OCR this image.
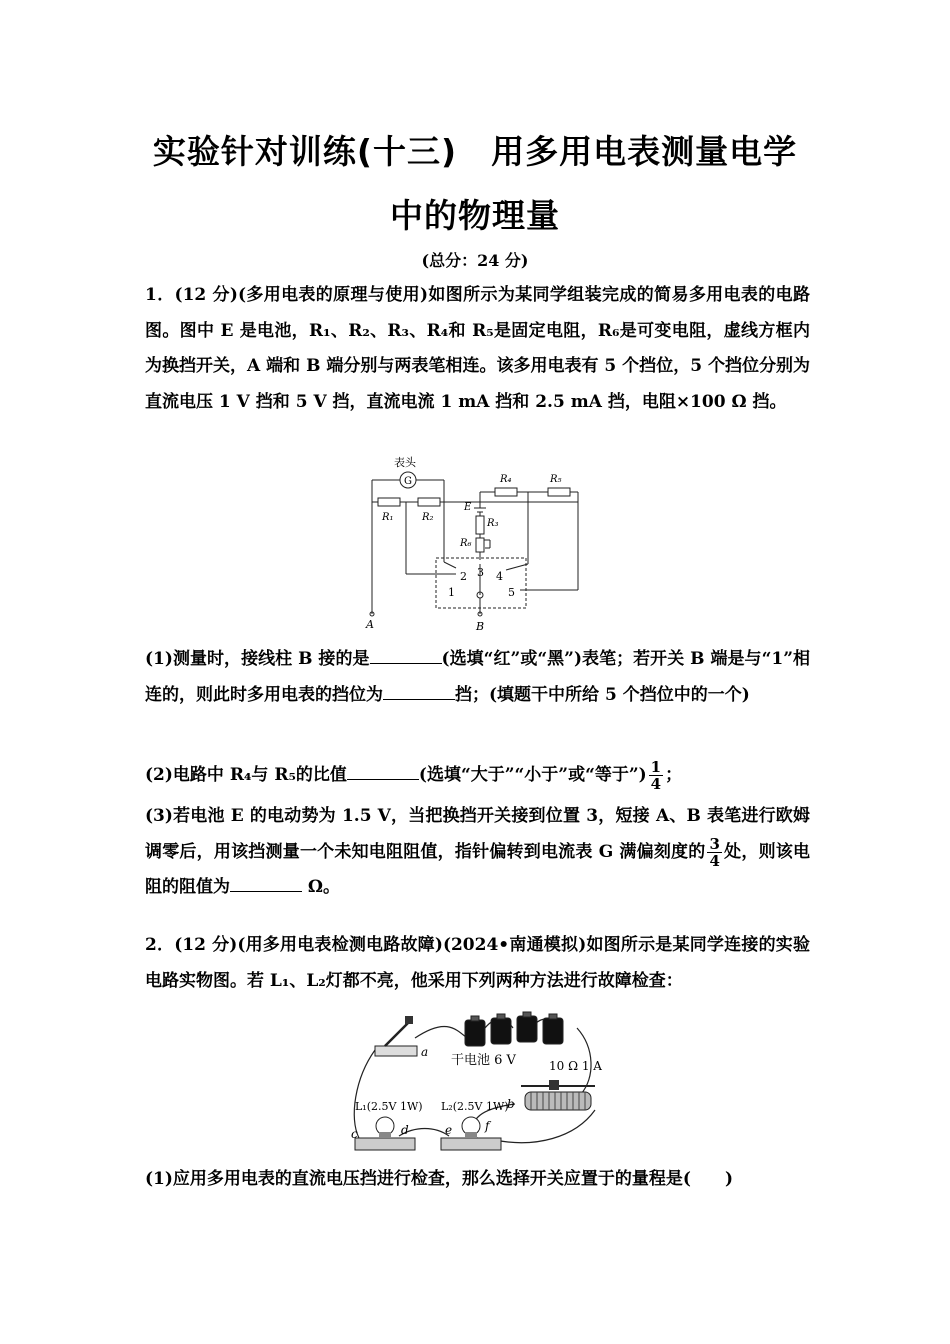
实验针对训练(十三)　用多用电表测量电学
中的物理量
(总分：24 分)
1．(12 分)(多用电表的原理与使用)如图所示为某同学组装完成的简易多用电表的电路图。图中 E 是电池，R₁、R₂、R₃、R₄和 R₅是固定电阻，R₆是可变电阻，虚线方框内为换挡开关，A 端和 B 端分别与两表笔相连。该多用电表有 5 个挡位，5 个挡位分别为直流电压 1 V 挡和 5 V 挡，直流电流 1 mA 挡和 2.5 mA 挡，电阻×100 Ω 挡。
表头
G
R₁	R₂
R₄	R₅
E
R₃
R₆
1
2 3 4
5
A	B
(1)测量时，接线柱 B 接的是	(选填“红”或“黑”)表笔；若开关 B 端是与“1”相连的，则此时多用电表的挡位为	挡；(填题干中所给 5 个挡位中的一个)
(2)电路中 R₄与 R₅的比值	(选填“大于”“小于”或“等于”) $\frac{1}{4}$ ；
(3)若电池 E 的电动势为 1.5 V，当把换挡开关接到位置 3，短接 A、B 表笔进行欧姆调零后，用该挡测量一个未知电阻阻值，指针偏转到电流表 G 满偏刻度的 $\frac{3}{4}$ 处，则该电阻的阻值为	Ω。
2．(12 分)(用多用电表检测电路故障)(2024•南通模拟)如图所示是某同学连接的实验电路实物图。若 L₁、L₂灯都不亮，他采用下列两种方法进行故障检查：
干电池 6 V	10 Ω 1 A
L₁(2.5V 1W) L₂(2.5V 1W)
a
b
c	d	e	f
(1)应用多用电表的直流电压挡进行检查，那么选择开关应置于的量程是(　　)
